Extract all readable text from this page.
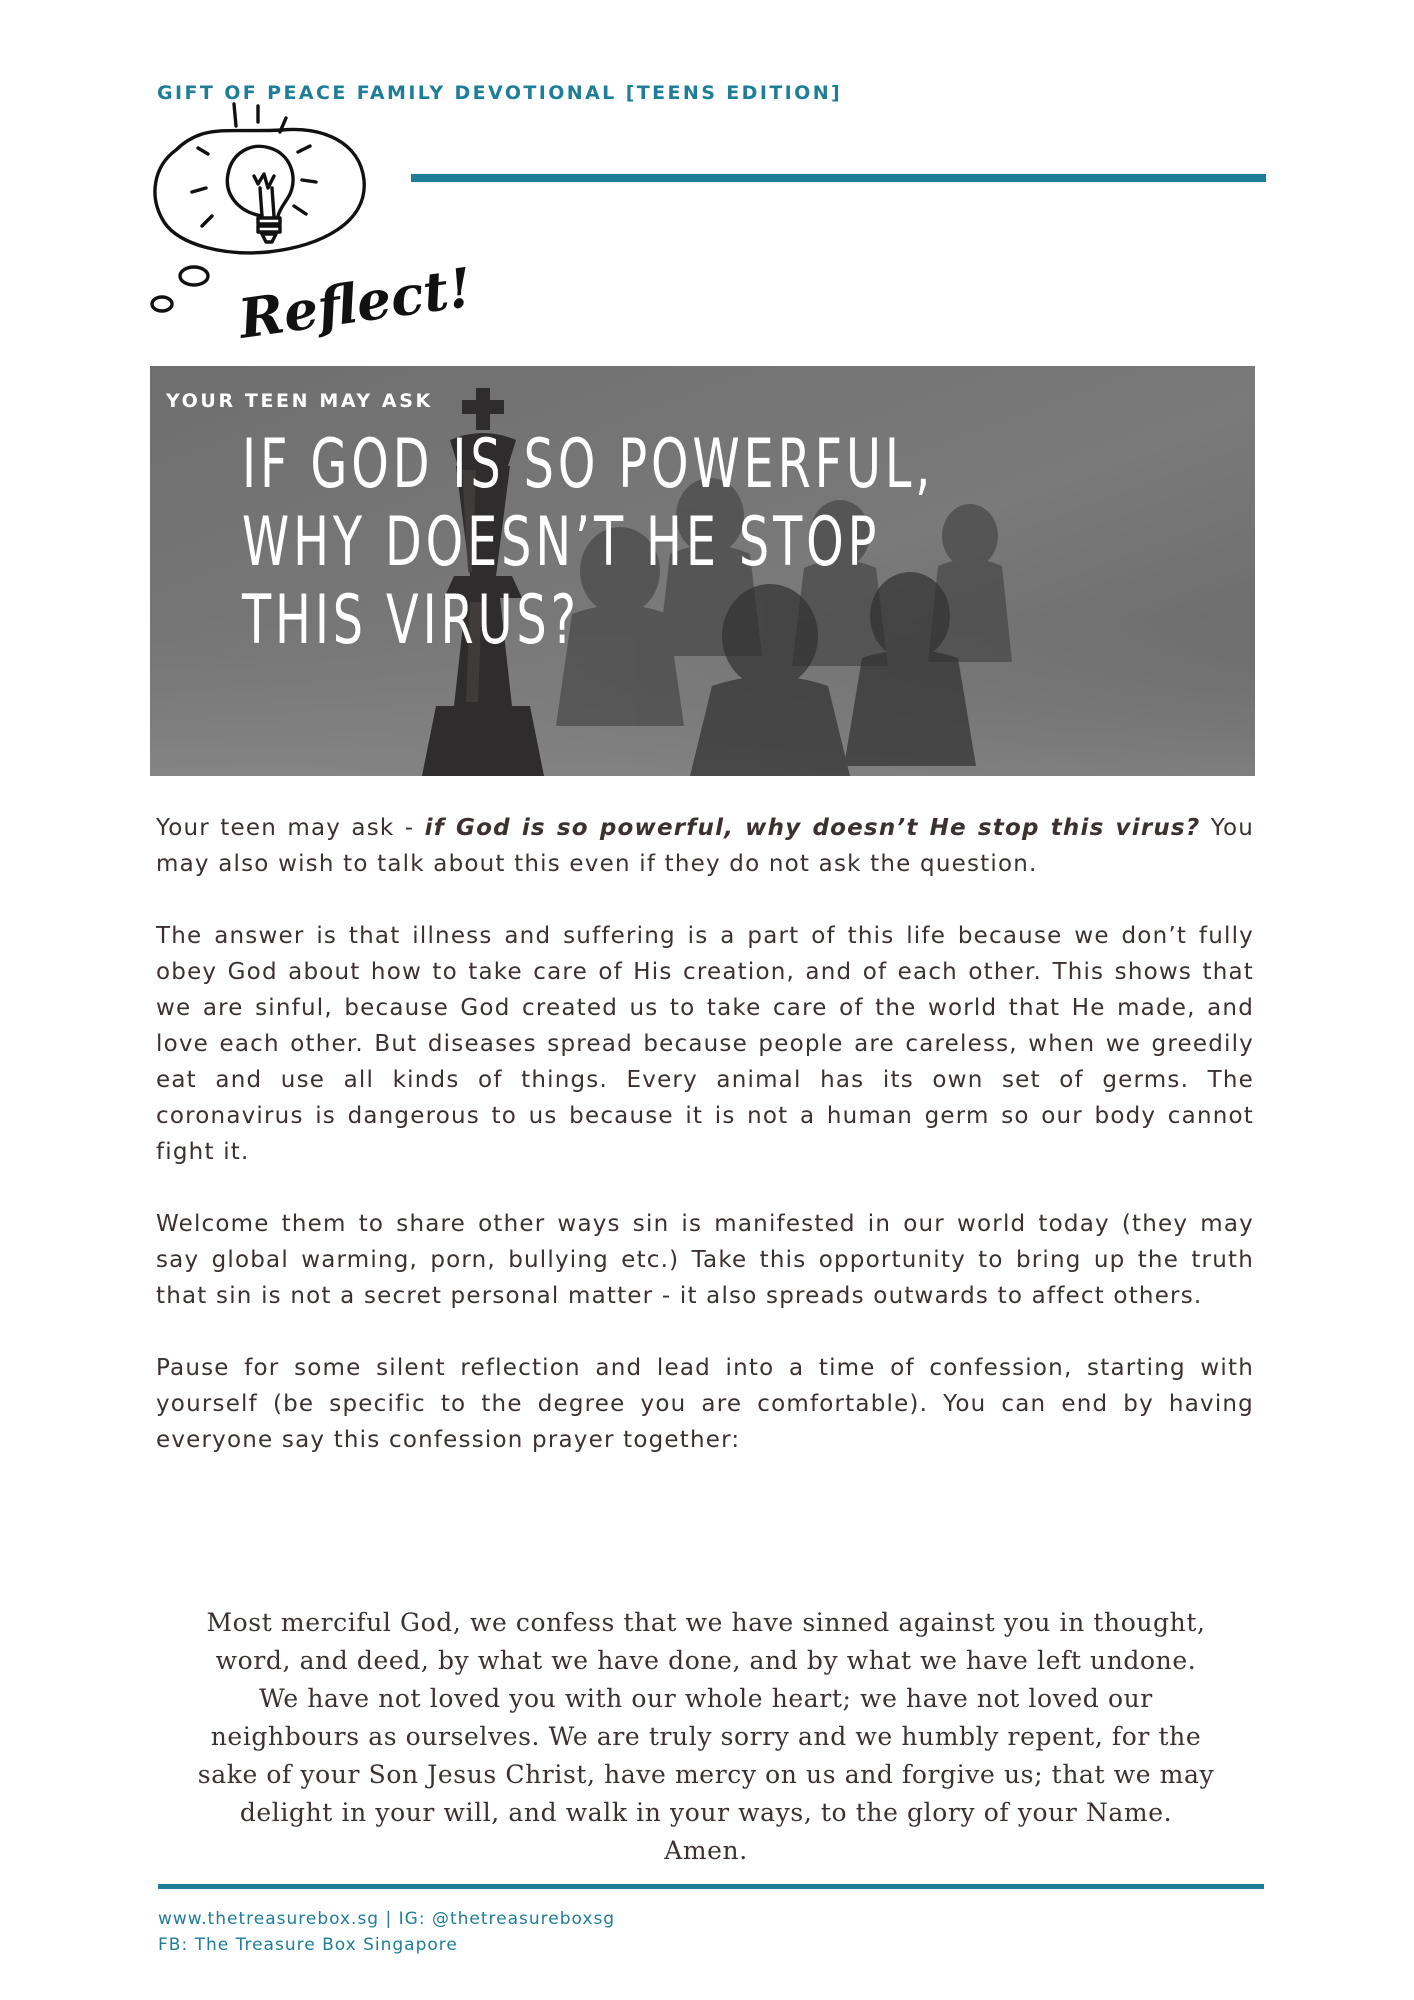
GIFT OF PEACE FAMILY DEVOTIONAL [TEENS EDITION]
Reflect!
YOUR TEEN MAY ASK
IF GOD IS SO POWERFUL,
WHY DOESN’T HE STOP
THIS VIRUS?

Your teen may ask - if God is so powerful, why doesn’t He stop this virus? You may also wish to talk about this even if they do not ask the question.

The answer is that illness and suffering is a part of this life because we don’t fully obey God about how to take care of His creation, and of each other. This shows that we are sinful, because God created us to take care of the world that He made, and love each other. But diseases spread because people are careless, when we greedily eat and use all kinds of things. Every animal has its own set of germs. The coronavirus is dangerous to us because it is not a human germ so our body cannot fight it.

Welcome them to share other ways sin is manifested in our world today (they may say global warming, porn, bullying etc.) Take this opportunity to bring up the truth that sin is not a secret personal matter - it also spreads outwards to affect others.

Pause for some silent reflection and lead into a time of confession, starting with yourself (be specific to the degree you are comfortable). You can end by having everyone say this confession prayer together:

Most merciful God, we confess that we have sinned against you in thought, word, and deed, by what we have done, and by what we have left undone. We have not loved you with our whole heart; we have not loved our neighbours as ourselves. We are truly sorry and we humbly repent, for the sake of your Son Jesus Christ, have mercy on us and forgive us; that we may delight in your will, and walk in your ways, to the glory of your Name. Amen.

www.thetreasurebox.sg | IG: @thetreasureboxsg
FB: The Treasure Box Singapore
